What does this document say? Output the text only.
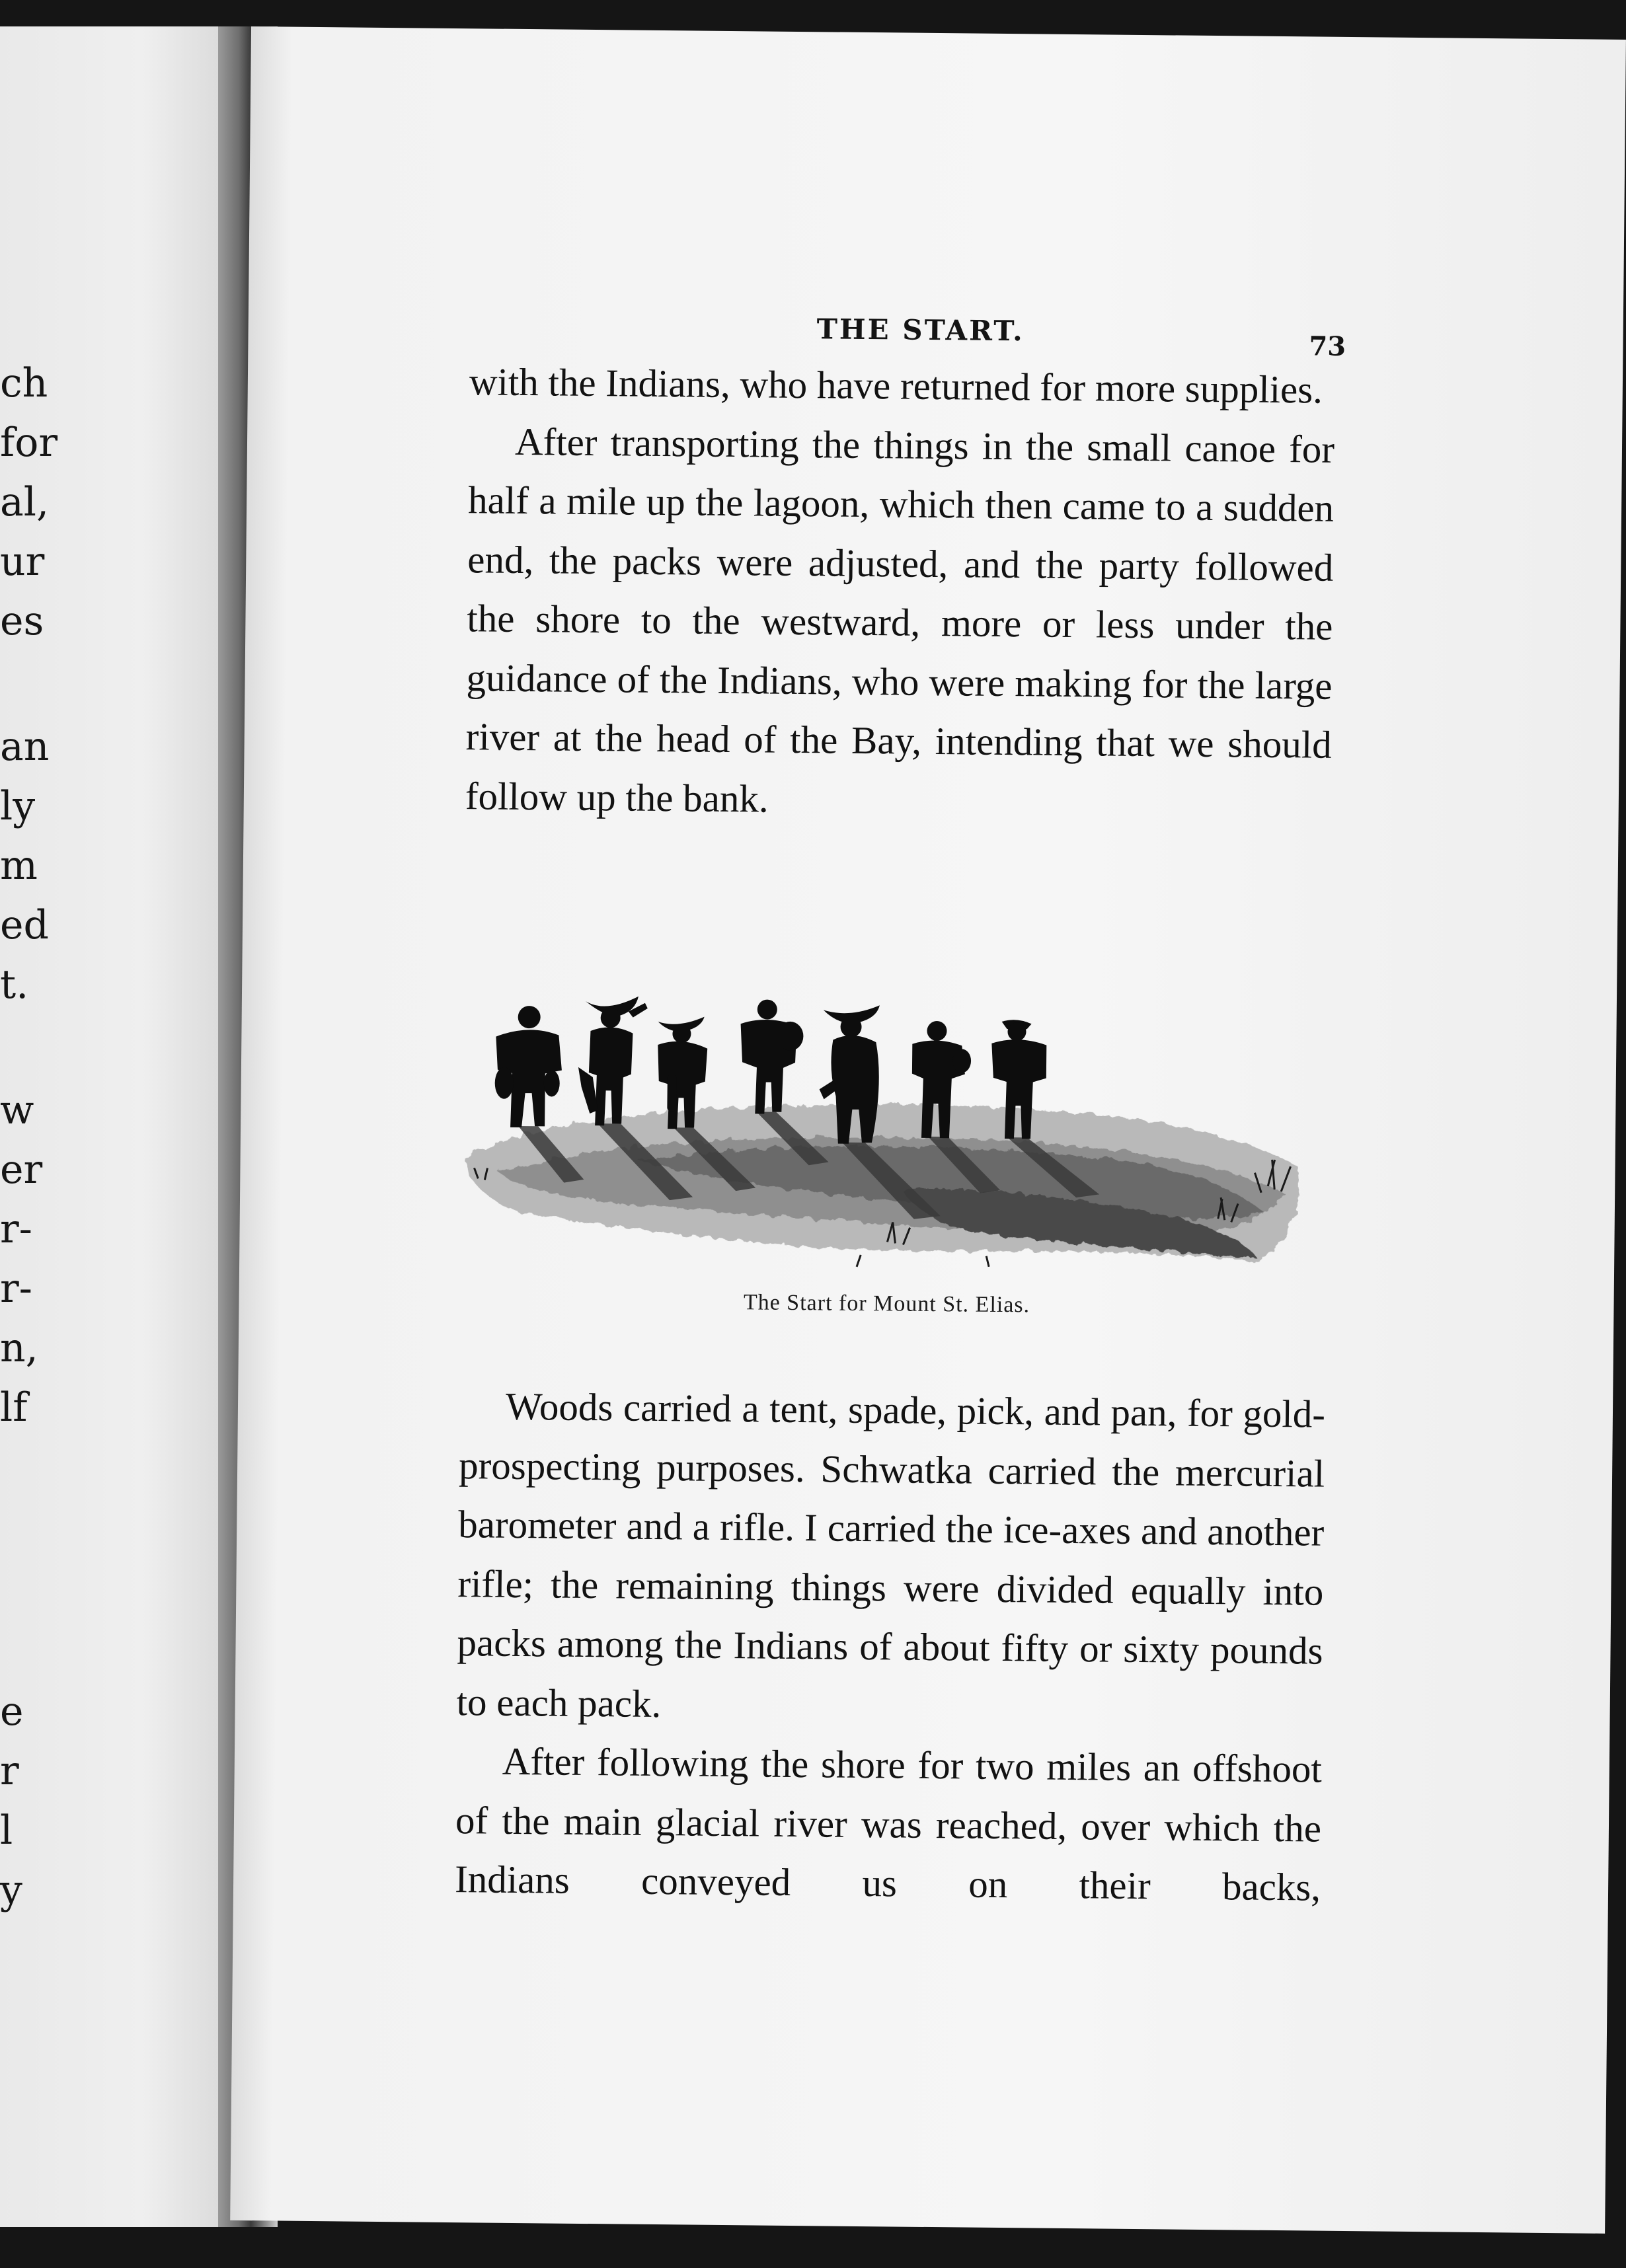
ch
for
al,
ur
es
an
ly
m
ed
t.
w
er
r-
r-
n,
lf
e
r
l
y
THE START.	73

with the Indians, who have returned for more supplies.

After transporting the things in the small canoe for half a mile up the lagoon, which then came to a sudden end, the packs were adjusted, and the party followed the shore to the westward, more or less under the guidance of the Indians, who were making for the large river at the head of the Bay, intending that we should follow up the bank.

The Start for Mount St. Elias.

Woods carried a tent, spade, pick, and pan, for gold-prospecting purposes. Schwatka carried the mercurial barometer and a rifle. I carried the ice-axes and another rifle; the remaining things were divided equally into packs among the Indians of about fifty or sixty pounds to each pack.

After following the shore for two miles an offshoot of the main glacial river was reached, over which the Indians conveyed us on their backs,
